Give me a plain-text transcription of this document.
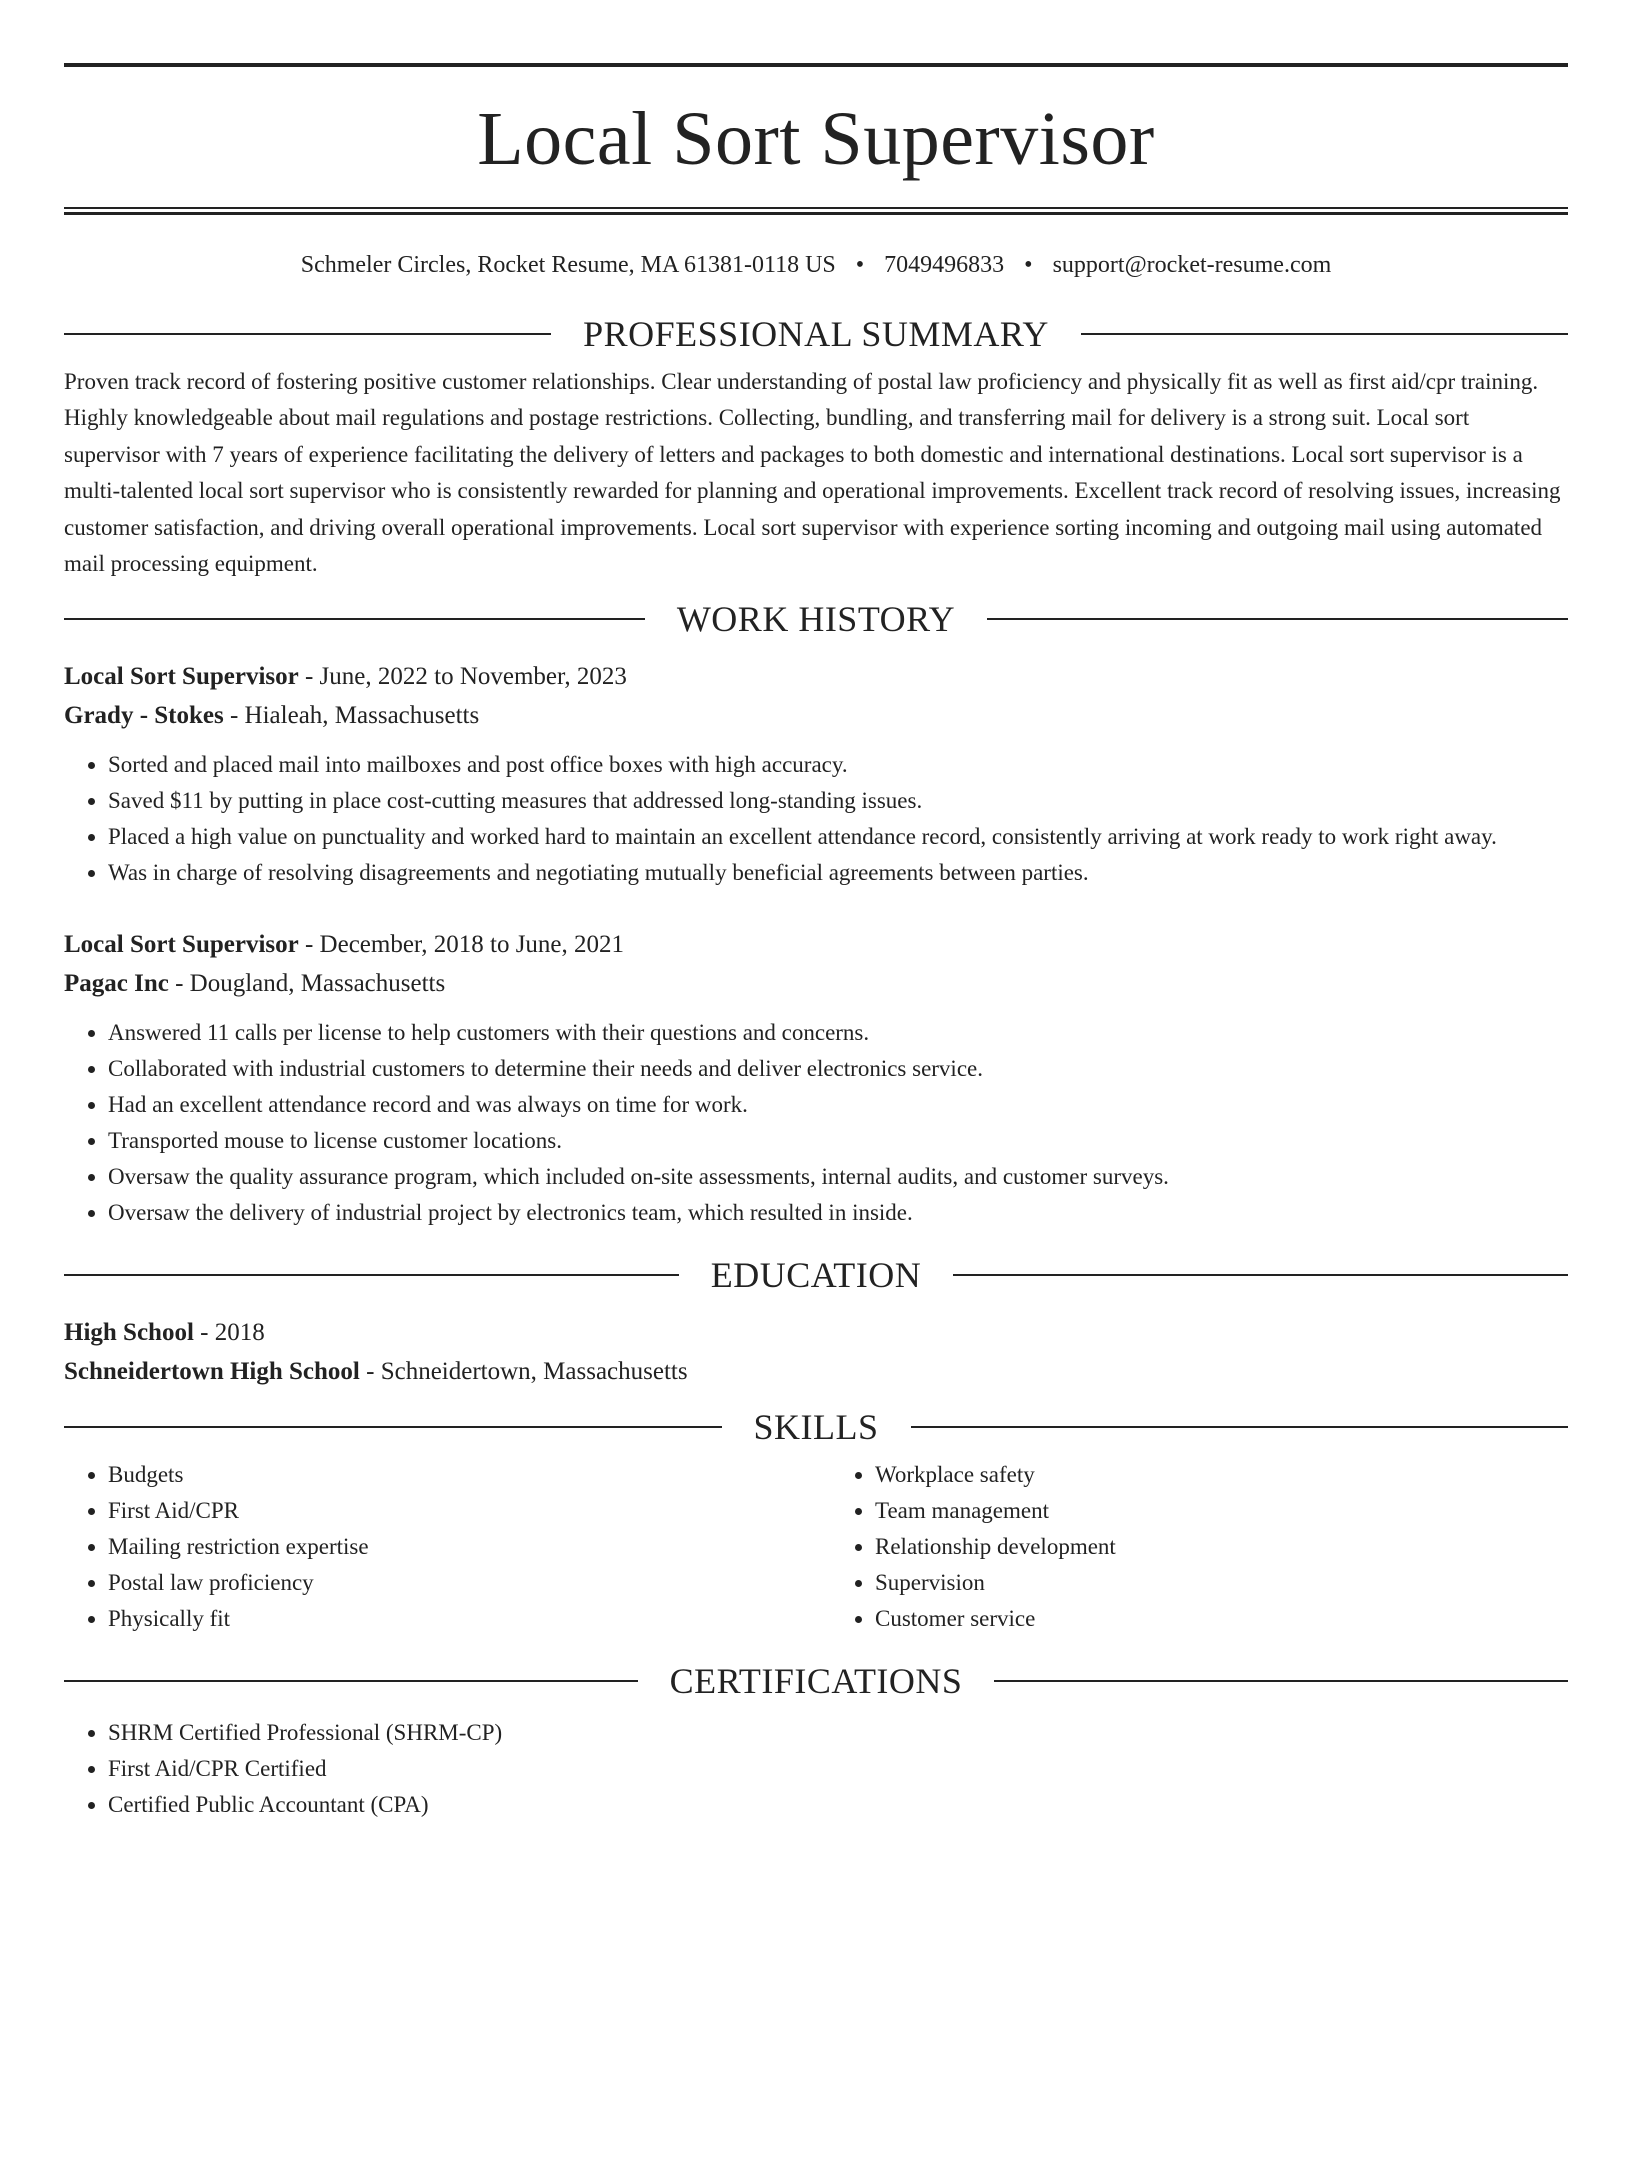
Local Sort Supervisor
Schmeler Circles, Rocket Resume, MA 61381-0118 US • 7049496833 • support@rocket-resume.com
PROFESSIONAL SUMMARY

Proven track record of fostering positive customer relationships. Clear understanding of postal law proficiency and physically fit as well as first aid/cpr training. Highly knowledgeable about mail regulations and postage restrictions. Collecting, bundling, and transferring mail for delivery is a strong suit. Local sort supervisor with 7 years of experience facilitating the delivery of letters and packages to both domestic and international destinations. Local sort supervisor is a multi-talented local sort supervisor who is consistently rewarded for planning and operational improvements. Excellent track record of resolving issues, increasing customer satisfaction, and driving overall operational improvements. Local sort supervisor with experience sorting incoming and outgoing mail using automated mail processing equipment.

WORK HISTORY
Local Sort Supervisor - June, 2022 to November, 2023
Grady - Stokes - Hialeah, Massachusetts
• Sorted and placed mail into mailboxes and post office boxes with high accuracy.
• Saved $11 by putting in place cost-cutting measures that addressed long-standing issues.
• Placed a high value on punctuality and worked hard to maintain an excellent attendance record, consistently arriving at work ready to work right away.
• Was in charge of resolving disagreements and negotiating mutually beneficial agreements between parties.
Local Sort Supervisor - December, 2018 to June, 2021
Pagac Inc - Dougland, Massachusetts
• Answered 11 calls per license to help customers with their questions and concerns.
• Collaborated with industrial customers to determine their needs and deliver electronics service.
• Had an excellent attendance record and was always on time for work.
• Transported mouse to license customer locations.
• Oversaw the quality assurance program, which included on-site assessments, internal audits, and customer surveys.
• Oversaw the delivery of industrial project by electronics team, which resulted in inside.
EDUCATION
High School - 2018
Schneidertown High School - Schneidertown, Massachusetts
SKILLS
• Budgets
• First Aid/CPR
• Mailing restriction expertise
• Postal law proficiency
• Physically fit
• Workplace safety
• Team management
• Relationship development
• Supervision
• Customer service
CERTIFICATIONS
• SHRM Certified Professional (SHRM-CP)
• First Aid/CPR Certified
• Certified Public Accountant (CPA)
